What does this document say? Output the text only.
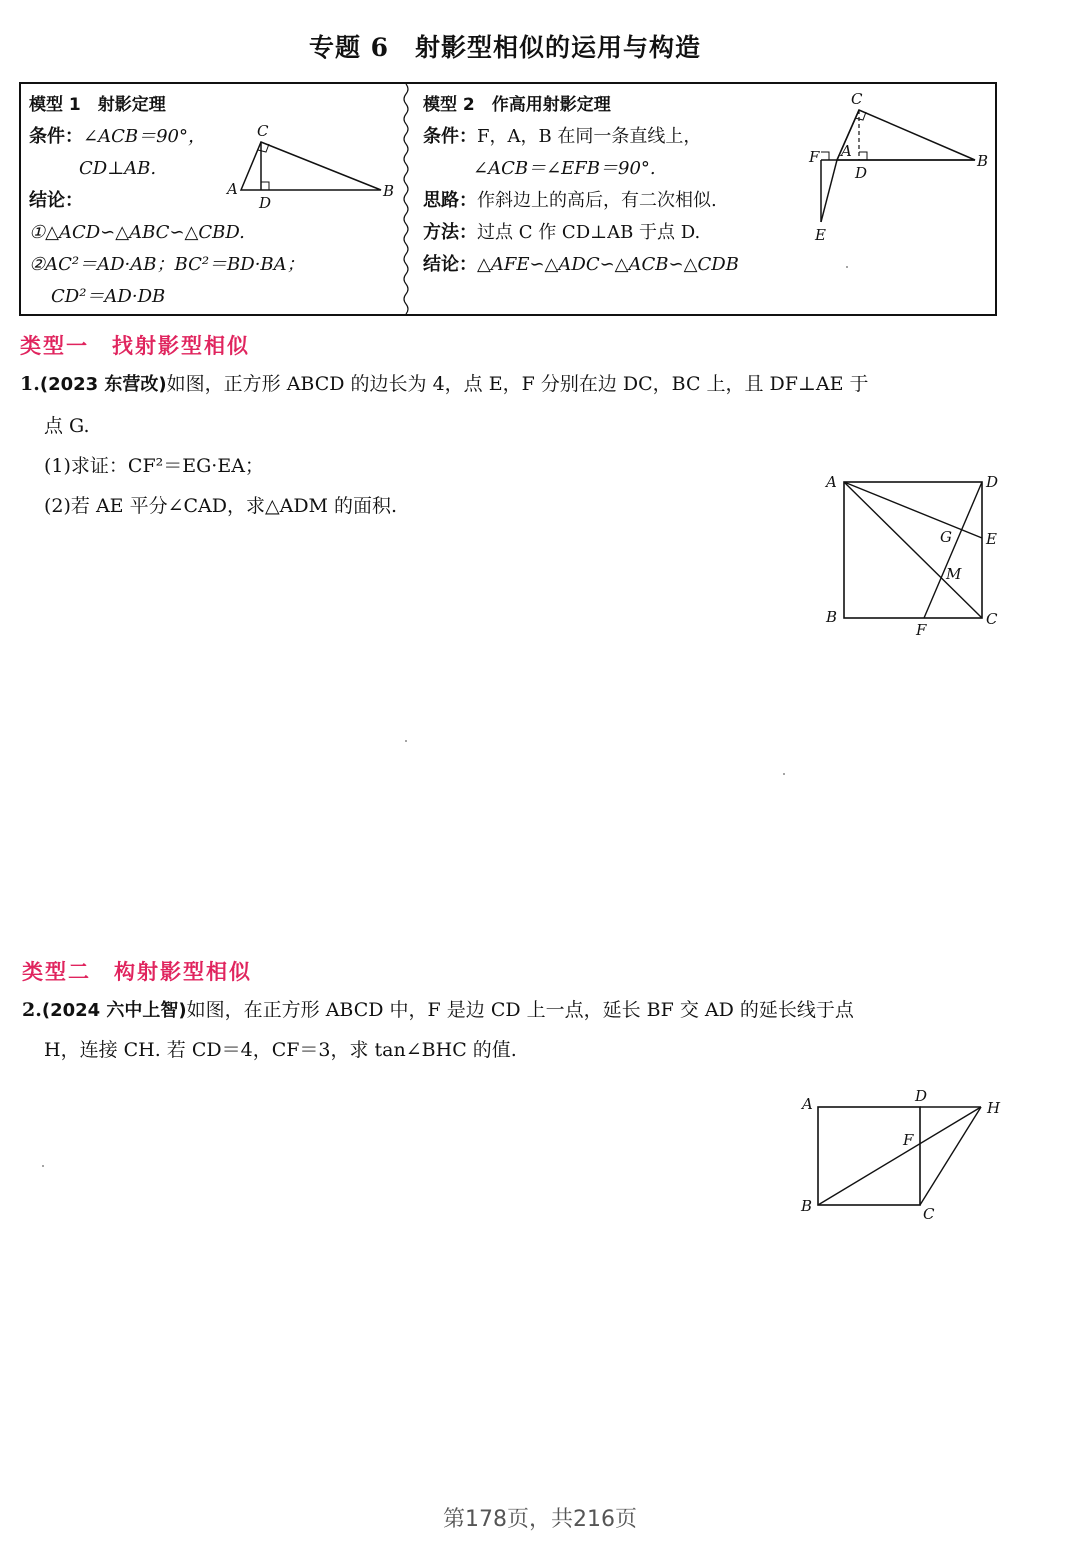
专题 6　射影型相似的运用与构造
模型 1　射影定理
条件：∠ACB＝90°，
CD⊥AB.
结论：
①△ACD∽△ABC∽△CBD.
②AC²＝AD·AB；BC²＝BD·BA；
CD²＝AD·DB
A	B
C
D
模型 2　作高用射影定理
条件：F，A，B 在同一条直线上，
∠ACB＝∠EFB＝90°.
思路：作斜边上的高后，有二次相似.
方法：过点 C 作 CD⊥AB 于点 D.
结论：△AFE∽△ADC∽△ACB∽△CDB
C
F A
D
B
E
类型一　找射影型相似
1.(2023 东营改)如图，正方形 ABCD 的边长为 4，点 E，F 分别在边 DC，BC 上，且 DF⊥AE 于
点 G.
(1)求证：CF²＝EG·EA；
(2)若 AE 平分∠CAD，求△ADM 的面积.
A	D
G E
M
B
F
C
类型二　构射影型相似
2.(2024 六中上智)如图，在正方形 ABCD 中，F 是边 CD 上一点，延长 BF 交 AD 的延长线于点
H，连接 CH. 若 CD＝4，CF＝3，求 tan∠BHC 的值.
A	D
H
F
B	C
第178页，共216页
